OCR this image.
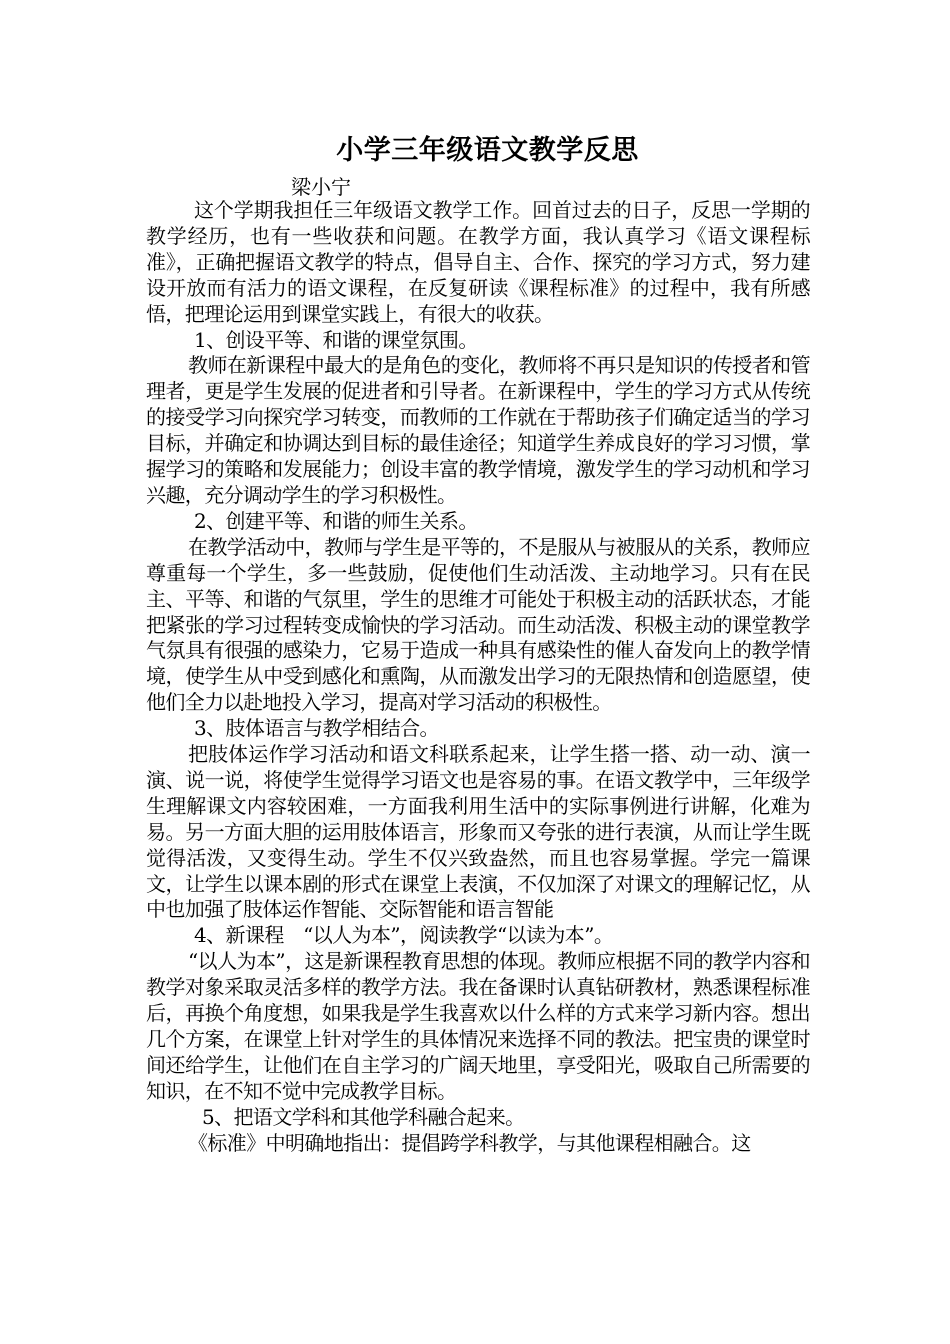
小学三年级语文教学反思
梁小宁

这个学期我担任三年级语文教学工作。回首过去的日子，反思一学期的教学经历，也有一些收获和问题。在教学方面，我认真学习《语文课程标准》，正确把握语文教学的特点，倡导自主、合作、探究的学习方式，努力建设开放而有活力的语文课程，在反复研读《课程标准》的过程中，我有所感悟，把理论运用到课堂实践上，有很大的收获。

1、创设平等、和谐的课堂氛围。

教师在新课程中最大的是角色的变化，教师将不再只是知识的传授者和管理者，更是学生发展的促进者和引导者。在新课程中，学生的学习方式从传统的接受学习向探究学习转变，而教师的工作就在于帮助孩子们确定适当的学习目标，并确定和协调达到目标的最佳途径；知道学生养成良好的学习习惯，掌握学习的策略和发展能力；创设丰富的教学情境，激发学生的学习动机和学习兴趣，充分调动学生的学习积极性。

2、创建平等、和谐的师生关系。

在教学活动中，教师与学生是平等的，不是服从与被服从的关系，教师应尊重每一个学生，多一些鼓励，促使他们生动活泼、主动地学习。只有在民主、平等、和谐的气氛里，学生的思维才可能处于积极主动的活跃状态，才能把紧张的学习过程转变成愉快的学习活动。而生动活泼、积极主动的课堂教学气氛具有很强的感染力，它易于造成一种具有感染性的催人奋发向上的教学情境，使学生从中受到感化和熏陶，从而激发出学习的无限热情和创造愿望，使他们全力以赴地投入学习，提高对学习活动的积极性。

3、肢体语言与教学相结合。

把肢体运作学习活动和语文科联系起来，让学生搭一搭、动一动、演一演、说一说，将使学生觉得学习语文也是容易的事。在语文教学中，三年级学生理解课文内容较困难，一方面我利用生活中的实际事例进行讲解，化难为易。另一方面大胆的运用肢体语言，形象而又夸张的进行表演，从而让学生既觉得活泼，又变得生动。学生不仅兴致盎然，而且也容易掌握。学完一篇课文，让学生以课本剧的形式在课堂上表演，不仅加深了对课文的理解记忆，从中也加强了肢体运作智能、交际智能和语言智能

4、新课程　“以人为本”，阅读教学“以读为本”。

“以人为本”，这是新课程教育思想的体现。教师应根据不同的教学内容和教学对象采取灵活多样的教学方法。我在备课时认真钻研教材，熟悉课程标准后，再换个角度想，如果我是学生我喜欢以什么样的方式来学习新内容。想出几个方案，在课堂上针对学生的具体情况来选择不同的教法。把宝贵的课堂时间还给学生，让他们在自主学习的广阔天地里，享受阳光，吸取自己所需要的知识，在不知不觉中完成教学目标。

5、把语文学科和其他学科融合起来。

《标准》中明确地指出：提倡跨学科教学，与其他课程相融合。这
